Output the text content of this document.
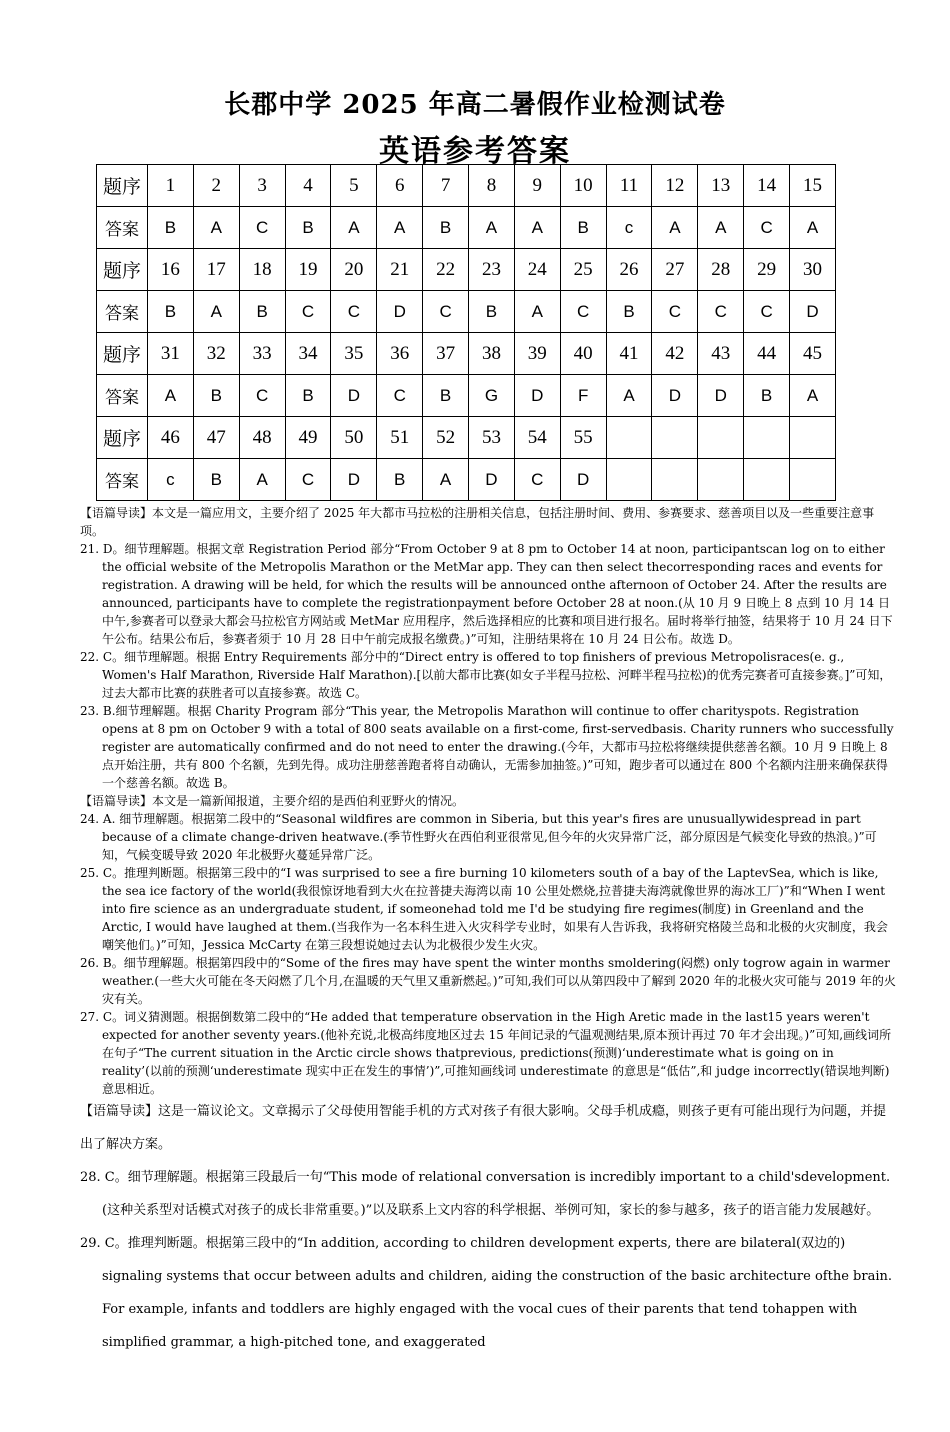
长郡中学 2025 年高二暑假作业检测试卷
英语参考答案
题序	1	2	3	4	5	6	7	8	9	10	11	12	13	14	15
答案	B	A	C	B	A	A	B	A	A	B	c	A	A	C	A
题序	16	17	18	19	20	21	22	23	24	25	26	27	28	29	30
答案	B	A	B	C	C	D	C	B	A	C	B	C	C	C	D
题序	31	32	33	34	35	36	37	38	39	40	41	42	43	44	45
答案	A	B	C	B	D	C	B	G	D	F	A	D	D	B	A
题序	46	47	48	49	50	51	52	53	54	55					
答案	c	B	A	C	D	B	A	D	C	D					

【语篇导读】本文是一篇应用文，主要介绍了 2025 年大都市马拉松的注册相关信息，包括注册时间、费用、参赛要求、慈善项目以及一些重要注意事项。

21. D。细节理解题。根据文章 Registration Period 部分“From October 9 at 8 pm to October 14 at noon, participantscan log on to either the official website of the Metropolis Marathon or the MetMar app. They can then select thecorresponding races and events for registration. A drawing will be held, for which the results will be announced onthe afternoon of October 24. After the results are announced, participants have to complete the registrationpayment before October 28 at noon.(从 10 月 9 日晚上 8 点到 10 月 14 日中午,参赛者可以登录大都会马拉松官方网站或 MetMar 应用程序，然后选择相应的比赛和项目进行报名。届时将举行抽签，结果将于 10 月 24 日下午公布。结果公布后，参赛者须于 10 月 28 日中午前完成报名缴费。)”可知，注册结果将在 10 月 24 日公布。故选 D。

22. C。细节理解题。根据 Entry Requirements 部分中的“Direct entry is offered to top finishers of previous Metropolisraces(e. g., Women's Half Marathon, Riverside Half Marathon).[以前大都市比赛(如女子半程马拉松、河畔半程马拉松)的优秀完赛者可直接参赛。]”可知，过去大都市比赛的获胜者可以直接参赛。故选 C。

23. B.细节理解题。根据 Charity Program 部分“This year, the Metropolis Marathon will continue to offer charityspots. Registration opens at 8 pm on October 9 with a total of 800 seats available on a first-come, first-servedbasis. Charity runners who successfully register are automatically confirmed and do not need to enter the drawing.(今年，大都市马拉松将继续提供慈善名额。10 月 9 日晚上 8 点开始注册，共有 800 个名额，先到先得。成功注册慈善跑者将自动确认，无需参加抽签。)”可知，跑步者可以通过在 800 个名额内注册来确保获得一个慈善名额。故选 B。

【语篇导读】本文是一篇新闻报道，主要介绍的是西伯利亚野火的情况。

24. A. 细节理解题。根据第二段中的“Seasonal wildfires are common in Siberia, but this year's fires are unusuallywidespread in part because of a climate change-driven heatwave.(季节性野火在西伯利亚很常见,但今年的火灾异常广泛，部分原因是气候变化导致的热浪。)”可知，气候变暖导致 2020 年北极野火蔓延异常广泛。

25. C。推理判断题。根据第三段中的“I was surprised to see a fire burning 10 kilometers south of a bay of the LaptevSea, which is like, the sea ice factory of the world(我很惊讶地看到大火在拉普捷夫海湾以南 10 公里处燃烧,拉普捷夫海湾就像世界的海冰工厂)”和“When I went into fire science as an undergraduate student, if someonehad told me I'd be studying fire regimes(制度) in Greenland and the Arctic, I would have laughed at them.(当我作为一名本科生进入火灾科学专业时，如果有人告诉我，我将研究格陵兰岛和北极的火灾制度，我会嘲笑他们。)”可知，Jessica McCarty 在第三段想说她过去认为北极很少发生火灾。

26. B。细节理解题。根据第四段中的“Some of the fires may have spent the winter months smoldering(闷燃) only togrow again in warmer weather.(一些大火可能在冬天闷燃了几个月,在温暖的天气里又重新燃起。)”可知,我们可以从第四段中了解到 2020 年的北极火灾可能与 2019 年的火灾有关。

27. C。词义猜测题。根据倒数第二段中的“He added that temperature observation in the High Aretic made in the last15 years weren't expected for another seventy years.(他补充说,北极高纬度地区过去 15 年间记录的气温观测结果,原本预计再过 70 年才会出现。)”可知,画线词所在句子“The current situation in the Arctic circle shows thatprevious, predictions(预测)‘underestimate what is going on in reality’(以前的预测‘underestimate 现实中正在发生的事情’)”,可推知画线词 underestimate 的意思是“低估”,和 judge incorrectly(错误地判断)意思相近。

【语篇导读】这是一篇议论文。文章揭示了父母使用智能手机的方式对孩子有很大影响。父母手机成瘾，则孩子更有可能出现行为问题，并提出了解决方案。

28. C。细节理解题。根据第三段最后一句“This mode of relational conversation is incredibly important to a child'sdevelopment.(这种关系型对话模式对孩子的成长非常重要。)”以及联系上文内容的科学根据、举例可知，家长的参与越多，孩子的语言能力发展越好。

29. C。推理判断题。根据第三段中的“In addition, according to children development experts, there are bilateral(双边的) signaling systems that occur between adults and children, aiding the construction of the basic architecture ofthe brain. For example, infants and toddlers are highly engaged with the vocal cues of their parents that tend tohappen with simplified grammar, a high-pitched tone, and exaggerated
